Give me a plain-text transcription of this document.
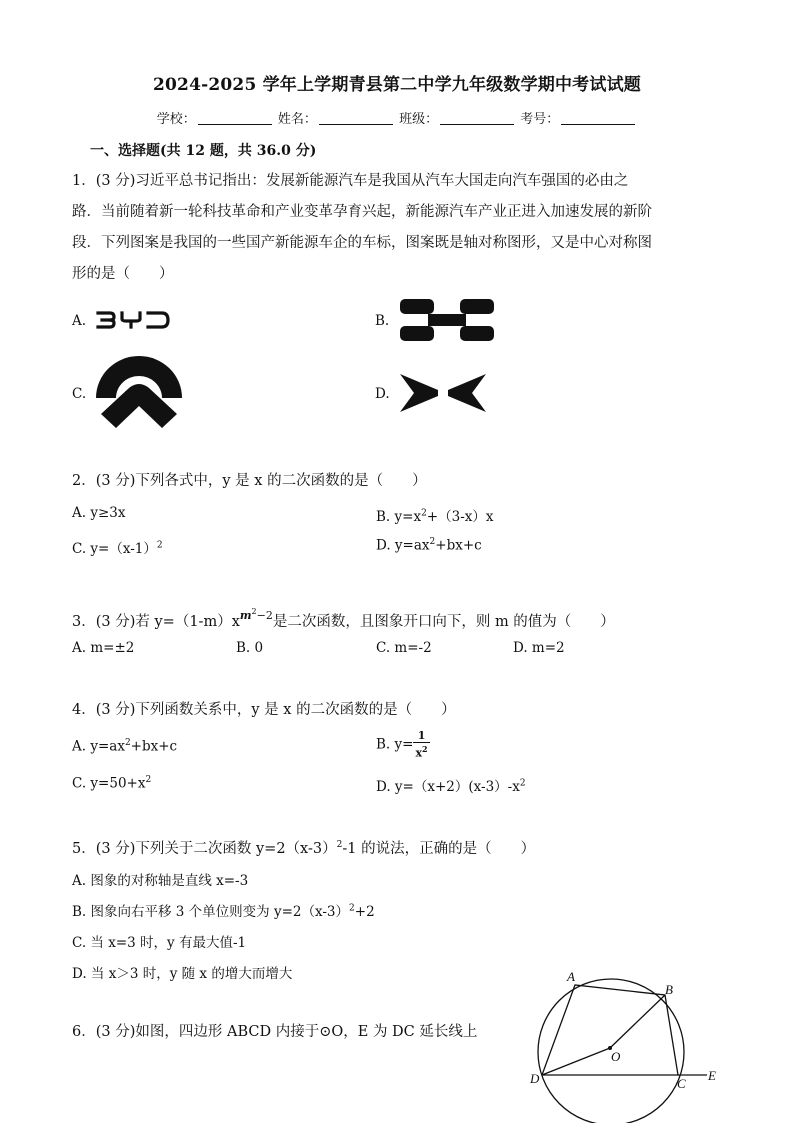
2024-2025 学年上学期青县第二中学九年级数学期中考试试题
学校：	姓名：	班级：	考号：
一、选择题(共 12 题，共 36.0 分)
1．(3 分)习近平总书记指出：发展新能源汽车是我国从汽车大国走向汽车强国的必由之
路．当前随着新一轮科技革命和产业变革孕育兴起，新能源汽车产业正进入加速发展的新阶
段．下列图案是我国的一些国产新能源车企的车标，图案既是轴对称图形，又是中心对称图
形的是（　　）
A.	B.
C.	D.
2．(3 分)下列各式中，y 是 x 的二次函数的是（　　）
A. y≥3x	B. $y=x^2+(3-x)x$
C. $y=(x-1)^2$	D. $y=ax^2+bx+c$
3．(3 分)若 $y=(1-m)x^{m2-2}$是二次函数，且图象开口向下，则 m 的值为（　　）
A. m=±2	B. 0	C. m=-2	D. m=2
4．(3 分)下列函数关系中，y 是 x 的二次函数的是（　　）
A. $y=ax^2+bx+c$	B. $y= \frac{1}{x^2}$
C. $y=50+x^2$	D. $y=(x+2)(x-3)-x^2$
5．(3 分)下列关于二次函数 $y=2(x-3)^2-1$ 的说法，正确的是（　　）
A. 图象的对称轴是直线 x=-3
B. 图象向右平移 3 个单位则变为 $y=2(x-3)^2+2$
C. 当 x=3 时，y 有最大值-1
D. 当 x＞3 时，y 随 x 的增大而增大
6．(3 分)如图，四边形 ABCD 内接于⊙O，E 为 DC 延长线上
A
B
C
D	E
O
